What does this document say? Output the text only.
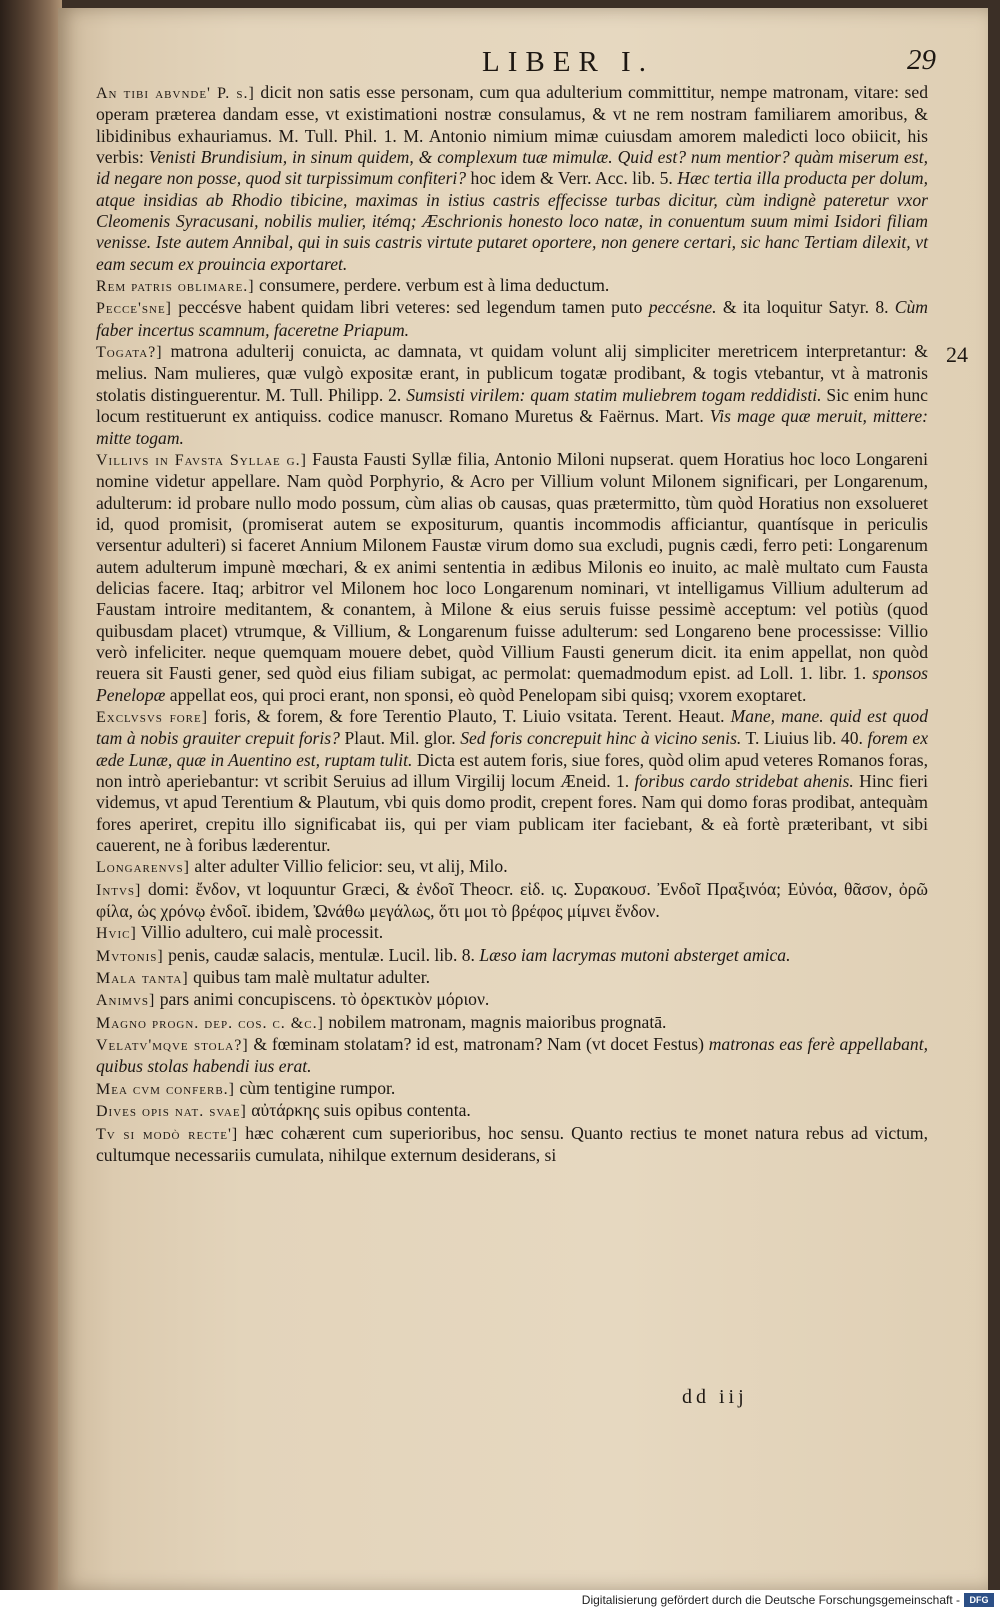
LIBER I.	29
24

An tibi abvnde' P. s.] dicit non satis esse personam, cum qua adulterium committitur, nempe matronam, vitare: sed operam præterea dandam esse, vt existimationi nostræ consulamus, & vt ne rem nostram familiarem amoribus, & libidinibus exhauriamus. M. Tull. Phil. 1. M. Antonio nimium mimæ cuiusdam amorem maledicti loco obiicit, his verbis: Venisti Brundisium, in sinum quidem, & complexum tuæ mimulæ. Quid est? num mentior? quàm miserum est, id negare non posse, quod sit turpissimum confiteri? hoc idem & Verr. Acc. lib. 5. Hæc tertia illa producta per dolum, atque insidias ab Rhodio tibicine, maximas in istius castris effecisse turbas dicitur, cùm indignè pateretur vxor Cleomenis Syracusani, nobilis mulier, itémq; Æschrionis honesto loco natæ, in conuentum suum mimi Isidori filiam venisse. Iste autem Annibal, qui in suis castris virtute putaret oportere, non genere certari, sic hanc Tertiam dilexit, vt eam secum ex prouincia exportaret.

Rem patris oblimare.] consumere, perdere. verbum est à lima deductum.

Pecce'sne] peccésve habent quidam libri veteres: sed legendum tamen puto peccésne. & ita loquitur Satyr. 8. Cùm faber incertus scamnum, faceretne Priapum.

Togata?] matrona adulterij conuicta, ac damnata, vt quidam volunt alij simpliciter meretricem interpretantur: & melius. Nam mulieres, quæ vulgò expositæ erant, in publicum togatæ prodibant, & togis vtebantur, vt à matronis stolatis distinguerentur. M. Tull. Philipp. 2. Sumsisti virilem: quam statim muliebrem togam reddidisti. Sic enim hunc locum restituerunt ex antiquiss. codice manuscr. Romano Muretus & Faërnus. Mart. Vis mage quæ meruit, mittere: mitte togam.

Villivs in Favsta Syllae g.] Fausta Fausti Syllæ filia, Antonio Miloni nupserat. quem Horatius hoc loco Longareni nomine videtur appellare. Nam quòd Porphyrio, & Acro per Villium volunt Milonem significari, per Longarenum, adulterum: id probare nullo modo possum, cùm alias ob causas, quas prætermitto, tùm quòd Horatius non exsolueret id, quod promisit, (promiserat autem se expositurum, quantis incommodis afficiantur, quantísque in periculis versentur adulteri) si faceret Annium Milonem Faustæ virum domo sua excludi, pugnis cædi, ferro peti: Longarenum autem adulterum impunè mœchari, & ex animi sententia in ædibus Milonis eo inuito, ac malè multato cum Fausta delicias facere. Itaq; arbitror vel Milonem hoc loco Longarenum nominari, vt intelligamus Villium adulterum ad Faustam introire meditantem, & conantem, à Milone & eius seruis fuisse pessimè acceptum: vel potiùs (quod quibusdam placet) vtrumque, & Villium, & Longarenum fuisse adulterum: sed Longareno bene processisse: Villio verò infeliciter. neque quemquam mouere debet, quòd Villium Fausti generum dicit. ita enim appellat, non quòd reuera sit Fausti gener, sed quòd eius filiam subigat, ac permolat: quemadmodum epist. ad Loll. 1. libr. 1. sponsos Penelopæ appellat eos, qui proci erant, non sponsi, eò quòd Penelopam sibi quisq; vxorem exoptaret.

Exclvsvs fore] foris, & forem, & fore Terentio Plauto, T. Liuio vsitata. Terent. Heaut. Mane, mane. quid est quod tam à nobis grauiter crepuit foris? Plaut. Mil. glor. Sed foris concrepuit hinc à vicino senis. T. Liuius lib. 40. forem ex æde Lunæ, quæ in Auentino est, ruptam tulit. Dicta est autem foris, siue fores, quòd olim apud veteres Romanos foras, non intrò aperiebantur: vt scribit Seruius ad illum Virgilij locum Æneid. 1. foribus cardo stridebat ahenis. Hinc fieri videmus, vt apud Terentium & Plautum, vbi quis domo prodit, crepent fores. Nam qui domo foras prodibat, antequàm fores aperiret, crepitu illo significabat iis, qui per viam publicam iter faciebant, & eà fortè præteribant, vt sibi cauerent, ne à foribus læderentur.

Longarenvs] alter adulter Villio felicior: seu, vt alij, Milo.

Intvs] domi: ἔνδον, vt loquuntur Græci, & ἐνδοῖ Theocr. εἰδ. ις. Συρακουσ. Ἐνδοῖ Πραξινόα; Εὐνόα, θᾶσον, ὀρῶ φίλα, ὡς χρόνῳ ἐνδοῖ. ibidem, Ὠνάθω μεγάλως, ὅτι μοι τὸ βρέφος μίμνει ἔνδον.

Hvic] Villio adultero, cui malè processit.

Mvtonis] penis, caudæ salacis, mentulæ. Lucil. lib. 8. Læso iam lacrymas mutoni absterget amica.

Mala tanta] quibus tam malè multatur adulter.

Animvs] pars animi concupiscens. τὸ ὀρεκτικὸν μόριον.

Magno progn. dep. cos. c. &c.] nobilem matronam, magnis maioribus prognatā.

Velatv'mqve stola?] & fœminam stolatam? id est, matronam? Nam (vt docet Festus) matronas eas ferè appellabant, quibus stolas habendi ius erat.

Mea cvm conferb.] cùm tentigine rumpor.

Dives opis nat. svae] αὐτάρκης suis opibus contenta.

Tv si modò recte'] hæc cohærent cum superioribus, hoc sensu. Quanto rectius te monet natura rebus ad victum, cultumque necessariis cumulata, nihilque externum desiderans, si

dd iij
Digitalisierung gefördert durch die Deutsche Forschungsgemeinschaft -	DFG
